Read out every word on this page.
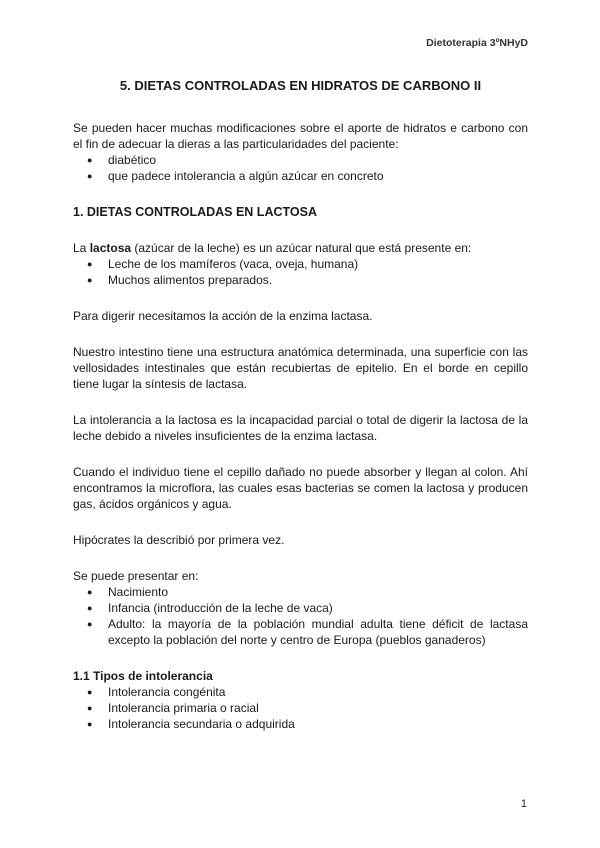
Dietoterapia 3ºNHyD
5. DIETAS CONTROLADAS EN HIDRATOS DE CARBONO II

Se pueden hacer muchas modificaciones sobre el aporte de hidratos e carbono con el fin de adecuar la dieras a las particularidades del paciente:

● diabético
● que padece intolerancia a algún azúcar en concreto
1. DIETAS CONTROLADAS EN LACTOSA

La lactosa (azúcar de la leche) es un azúcar natural que está presente en:

● Leche de los mamíferos (vaca, oveja, humana)
● Muchos alimentos preparados.

Para digerir necesitamos la acción de la enzima lactasa.

Nuestro intestino tiene una estructura anatómica determinada, una superficie con las vellosidades intestinales que están recubiertas de epitelio. En el borde en cepillo tiene lugar la síntesis de lactasa.

La intolerancia a la lactosa es la incapacidad parcial o total de digerir la lactosa de la leche debido a niveles insuficientes de la enzima lactasa.

Cuando el individuo tiene el cepillo dañado no puede absorber y llegan al colon. Ahí encontramos la microflora, las cuales esas bacterias se comen la lactosa y producen gas, ácidos orgánicos y agua.

Hipócrates la describió por primera vez.

Se puede presentar en:

● Nacimiento
● Infancia (introducción de la leche de vaca)
● Adulto: la mayoría de la población mundial adulta tiene déficit de lactasa excepto la población del norte y centro de Europa (pueblos ganaderos)
1.1 Tipos de intolerancia
● Intolerancia congénita
● Intolerancia primaria o racial
● Intolerancia secundaria o adquirida
1
